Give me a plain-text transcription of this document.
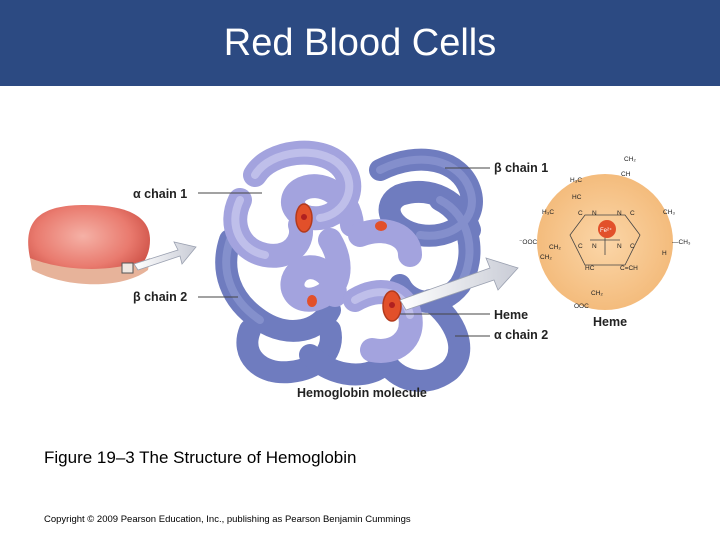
Red Blood Cells
CH₂
CH
H₃C
HC
H₃C	CH₃
—CH₃
⁻OOC
CH₂
CH₂
OOC
CH₂
H
C N	N C
C N	N C
HC	C=CH
Fe²⁺
α chain 1
β chain 2
β chain 1
Heme
α chain 2
Hemoglobin molecule
Heme
Figure 19–3 The Structure of Hemoglobin
Copyright © 2009 Pearson Education, Inc., publishing as Pearson Benjamin Cummings
